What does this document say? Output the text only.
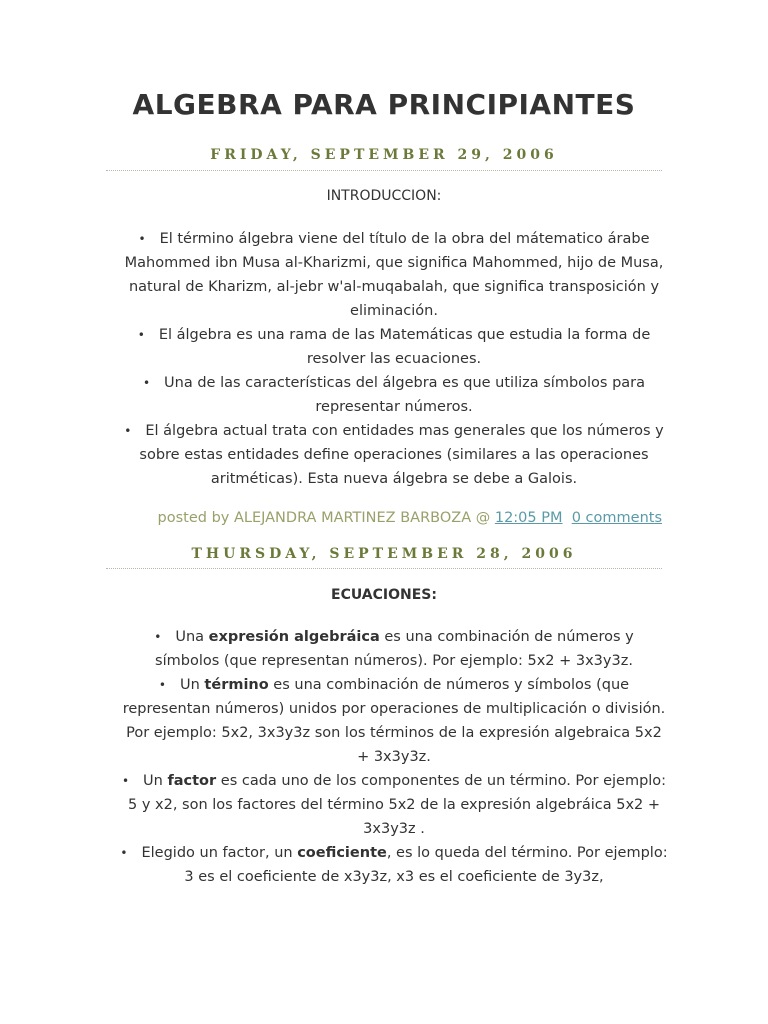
ALGEBRA PARA PRINCIPIANTES
FRIDAY, SEPTEMBER 29, 2006
INTRODUCCION:
• El término álgebra viene del título de la obra del mátematico árabe Mahommed ibn Musa al-Kharizmi, que significa Mahommed, hijo de Musa, natural de Kharizm, al-jebr w'al-muqabalah, que significa transposición y eliminación.
• El álgebra es una rama de las Matemáticas que estudia la forma de resolver las ecuaciones.
• Una de las características del álgebra es que utiliza símbolos para representar números.
• El álgebra actual trata con entidades mas generales que los números y sobre estas entidades define operaciones (similares a las operaciones aritméticas). Esta nueva álgebra se debe a Galois.
posted by ALEJANDRA MARTINEZ BARBOZA @ 12:05 PM 0 comments
THURSDAY, SEPTEMBER 28, 2006
ECUACIONES:
• Una expresión algebráica es una combinación de números y símbolos (que representan números). Por ejemplo: 5x2 + 3x3y3z.
• Un término es una combinación de números y símbolos (que representan números) unidos por operaciones de multiplicación o división. Por ejemplo: 5x2, 3x3y3z son los términos de la expresión algebraica 5x2 + 3x3y3z.
• Un factor es cada uno de los componentes de un término. Por ejemplo: 5 y x2, son los factores del término 5x2 de la expresión algebráica 5x2 + 3x3y3z .
• Elegido un factor, un coeficiente, es lo queda del término. Por ejemplo: 3 es el coeficiente de x3y3z, x3 es el coeficiente de 3y3z,
